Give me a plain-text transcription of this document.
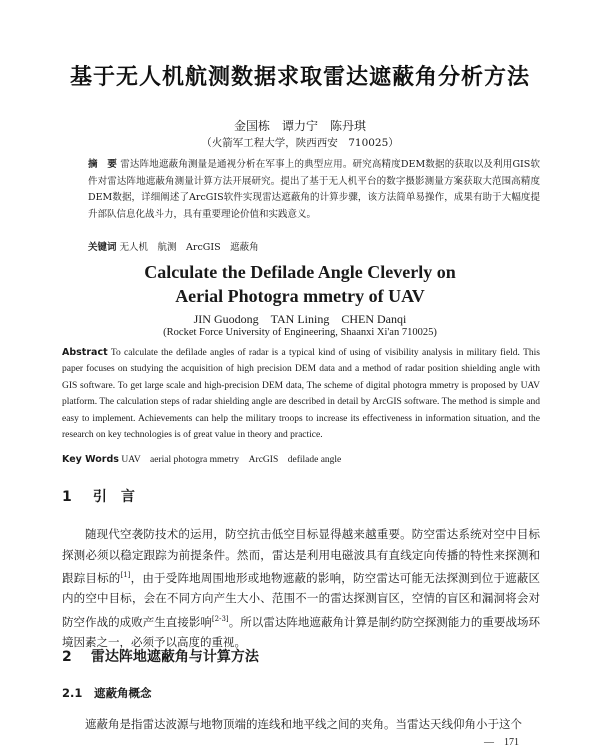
基于无人机航测数据求取雷达遮蔽角分析方法
金国栋　谭力宁　陈丹琪
（火箭军工程大学，陕西西安　710025）
摘　要 雷达阵地遮蔽角测量是通视分析在军事上的典型应用。研究高精度DEM数据的获取以及利用GIS软件对雷达阵地遮蔽角测量计算方法开展研究。提出了基于无人机平台的数字摄影测量方案获取大范围高精度DEM数据，详细阐述了ArcGIS软件实现雷达遮蔽角的计算步骤，该方法简单易操作，成果有助于大幅度提升部队信息化战斗力，具有重要理论价值和实践意义。
关键词 无人机　航测　ArcGIS　遮蔽角
Calculate the Defilade Angle Cleverly on
Aerial Photogra mmetry of UAV
JIN Guodong　TAN Lining　CHEN Danqi
(Rocket Force University of Engineering, Shaanxi Xi'an 710025)
Abstract To calculate the defilade angles of radar is a typical kind of using of visibility analysis in military field. This paper focuses on studying the acquisition of high precision DEM data and a method of radar position shielding angle with GIS software. To get large scale and high-precision DEM data, The scheme of digital photogra mmetry is proposed by UAV platform. The calculation steps of radar shielding angle are described in detail by ArcGIS software. The method is simple and easy to implement. Achievements can help the military troops to increase its effectiveness in information situation, and the research on key technologies is of great value in theory and practice.
Key Words UAV　aerial photogra mmetry　ArcGIS　defilade angle
1 引　言
随现代空袭防技术的运用，防空抗击低空目标显得越来越重要。防空雷达系统对空中目标探测必须以稳定跟踪为前提条件。然而，雷达是利用电磁波具有直线定向传播的特性来探测和跟踪目标的[1]，由于受阵地周围地形或地物遮蔽的影响，防空雷达可能无法探测到位于遮蔽区内的空中目标，会在不同方向产生大小、范围不一的雷达探测盲区，空情的盲区和漏洞将会对防空作战的成败产生直接影响[2-3]。所以雷达阵地遮蔽角计算是制约防空探测能力的重要战场环境因素之一，必须予以高度的重视。
2 雷达阵地遮蔽角与计算方法
2.1 遮蔽角概念
遮蔽角是指雷达波源与地物顶端的连线和地平线之间的夹角。当雷达天线仰角小于这个
—　171
